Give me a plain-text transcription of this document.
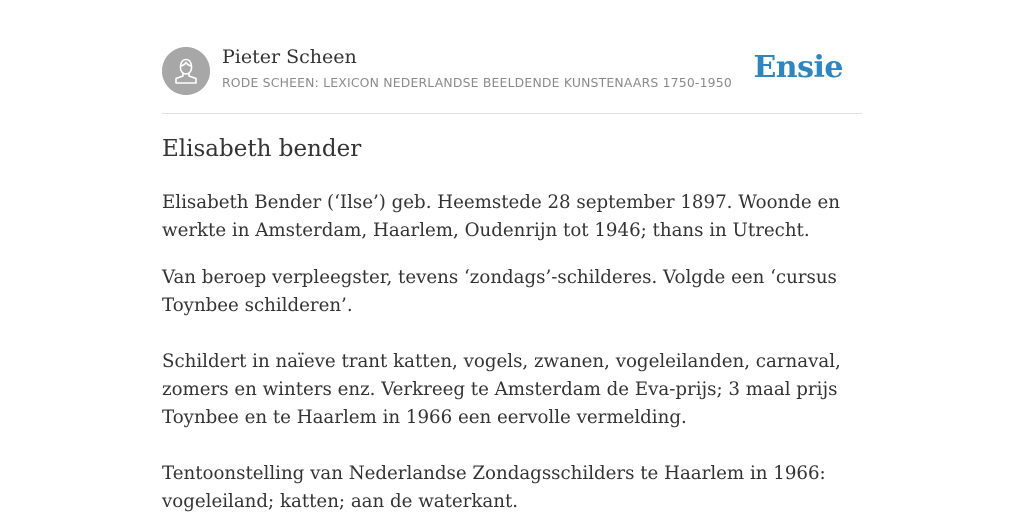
Pieter Scheen
RODE SCHEEN: LEXICON NEDERLANDSE BEELDENDE KUNSTENAARS 1750-1950 Ensie
Elisabeth bender

Elisabeth Bender (‘Ilse’) geb. Heemstede 28 september 1897. Woonde en werkte in Amsterdam, Haarlem, Oudenrijn tot 1946; thans in Utrecht.

Van beroep verpleegster, tevens ‘zondags’-schilderes. Volgde een ‘cursus Toynbee schilderen’.

Schildert in naïeve trant katten, vogels, zwanen, vogeleilanden, carnaval, zomers en winters enz. Verkreeg te Amsterdam de Eva-prijs; 3 maal prijs Toynbee en te Haarlem in 1966 een eervolle vermelding.

Tentoonstelling van Nederlandse Zondagsschilders te Haarlem in 1966: vogeleiland; katten; aan de waterkant.
